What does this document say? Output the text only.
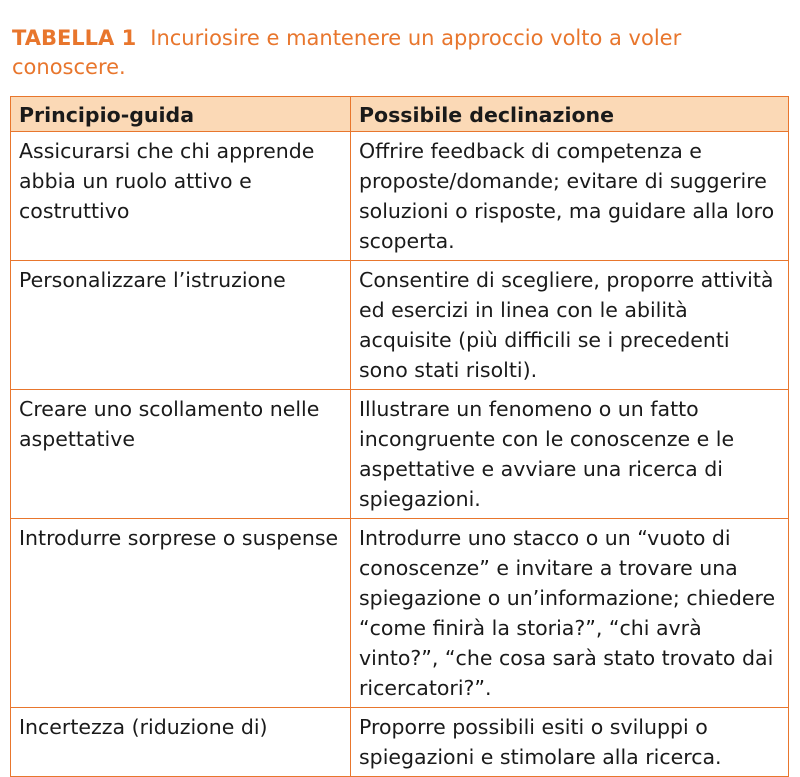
TABELLA 1 Incuriosire e mantenere un approccio volto a voler conoscere.
Principio-guida	Possibile declinazione
Assicurarsi che chi apprende abbia un ruolo attivo e costruttivo	Offrire feedback di competenza e proposte/domande; evitare di suggerire soluzioni o risposte, ma guidare alla loro scoperta.
Personalizzare l’istruzione	Consentire di scegliere, proporre attività ed esercizi in linea con le abilità acquisite (più difficili se i precedenti sono stati risolti).
Creare uno scollamento nelle aspettative	Illustrare un fenomeno o un fatto incongruente con le conoscenze e le aspettative e avviare una ricerca di spiegazioni.
Introdurre sorprese o suspense	Introdurre uno stacco o un “vuoto di conoscenze” e invitare a trovare una spiegazione o un’informazione; chiedere “come finirà la storia?”, “chi avrà vinto?”, “che cosa sarà stato trovato dai ricercatori?”.
Incertezza (riduzione di)	Proporre possibili esiti o sviluppi o spiegazioni e stimolare alla ricerca.
